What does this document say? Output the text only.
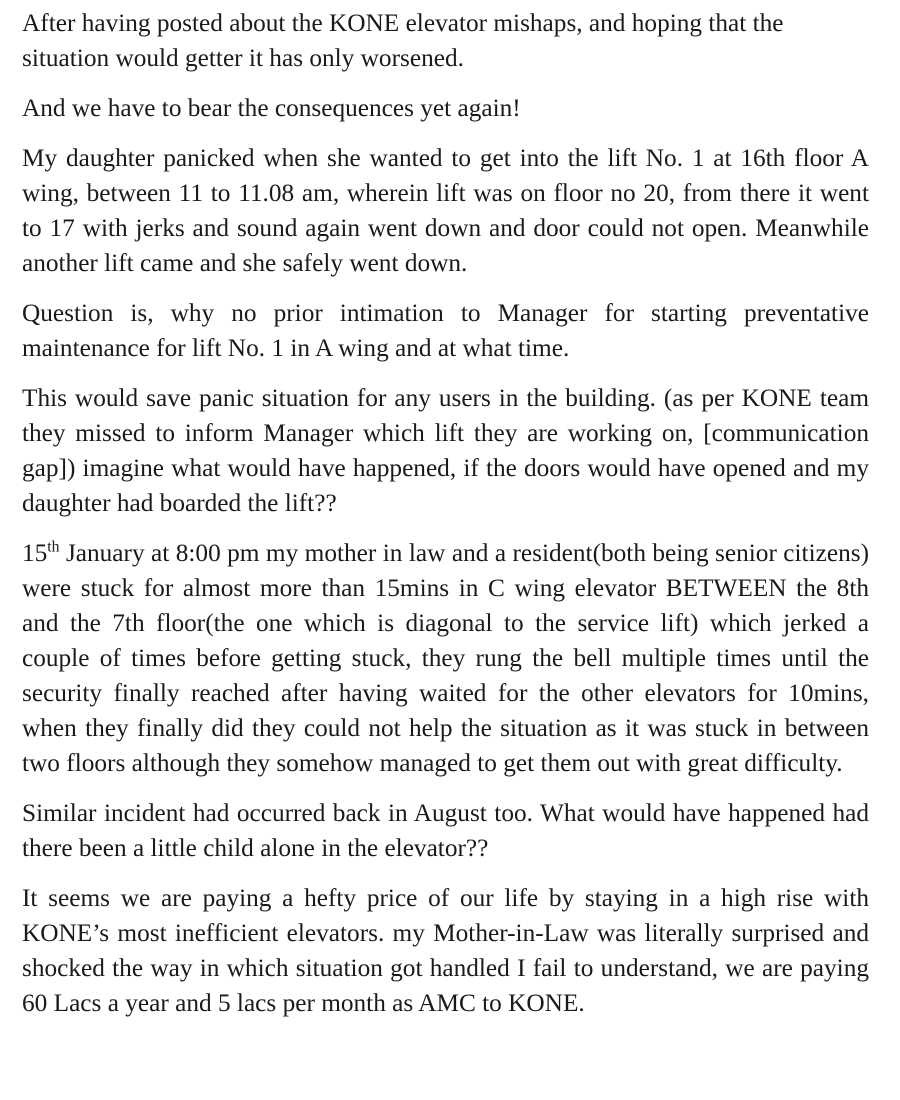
After having posted about the KONE elevator mishaps, and hoping that the situation would getter it has only worsened.

And we have to bear the consequences yet again!

My daughter panicked when she wanted to get into the lift No. 1 at 16th floor A wing, between 11 to 11.08 am, wherein lift was on floor no 20, from there it went to 17 with jerks and sound again went down and door could not open. Meanwhile another lift came and she safely went down.

Question is, why no prior intimation to Manager for starting preventative maintenance for lift No. 1 in A wing and at what time.

This would save panic situation for any users in the building. (as per KONE team they missed to inform Manager which lift they are working on, [communication gap]) imagine what would have happened, if the doors would have opened and my daughter had boarded the lift??

15th January at 8:00 pm my mother in law and a resident(both being senior citizens) were stuck for almost more than 15mins in C wing elevator BETWEEN the 8th and the 7th floor(the one which is diagonal to the service lift) which jerked a couple of times before getting stuck, they rung the bell multiple times until the security finally reached after having waited for the other elevators for 10mins, when they finally did they could not help the situation as it was stuck in between two floors although they somehow managed to get them out with great difficulty.

Similar incident had occurred back in August too. What would have happened had there been a little child alone in the elevator??

It seems we are paying a hefty price of our life by staying in a high rise with KONE’s most inefficient elevators. my Mother-in-Law was literally surprised and shocked the way in which situation got handled I fail to understand, we are paying 60 Lacs a year and 5 lacs per month as AMC to KONE.
